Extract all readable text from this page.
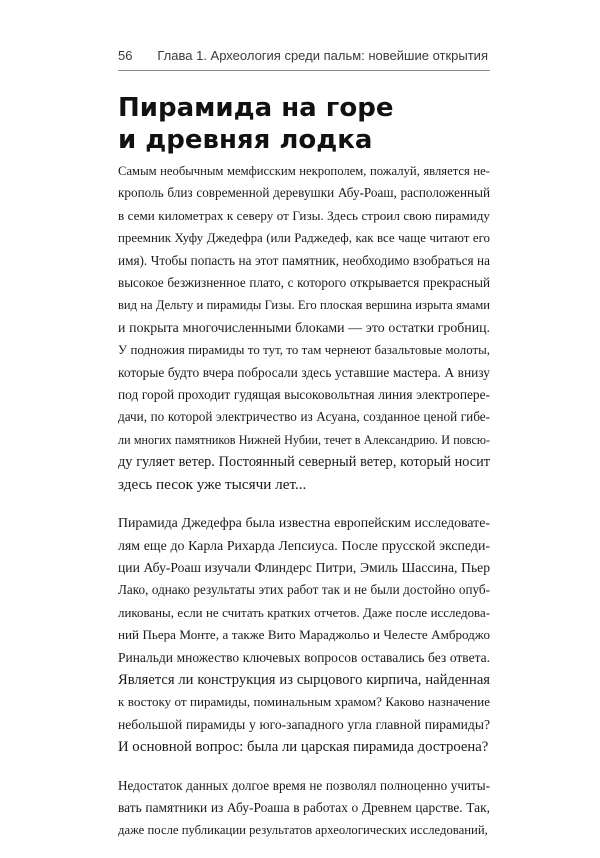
56 Глава 1. Археология среди пальм: новейшие открытия
Пирамида на горе
и древняя лодка

Самым необычным мемфисским некрополем, пожалуй, является не-
крополь близ современной деревушки Абу-Роаш, расположенный
в семи километрах к северу от Гизы. Здесь строил свою пирамиду
преемник Хуфу Джедефра (или Раджедеф, как все чаще читают его
имя). Чтобы попасть на этот памятник, необходимо взобраться на
высокое безжизненное плато, с которого открывается прекрасный
вид на Дельту и пирамиды Гизы. Его плоская вершина изрыта ямами
и покрыта многочисленными блоками — это остатки гробниц.
У подножия пирамиды то тут, то там чернеют базальтовые молоты,
которые будто вчера побросали здесь уставшие мастера. А внизу
под горой проходит гудящая высоковольтная линия электропере-
дачи, по которой электричество из Асуана, созданное ценой гибе-
ли многих памятников Нижней Нубии, течет в Александрию. И повсю-
ду гуляет ветер. Постоянный северный ветер, который носит
здесь песок уже тысячи лет...

Пирамида Джедефра была известна европейским исследовате-
лям еще до Карла Рихарда Лепсиуса. После прусской экспеди-
ции Абу-Роаш изучали Флиндерс Питри, Эмиль Шассина, Пьер
Лако, однако результаты этих работ так и не были достойно опуб-
ликованы, если не считать кратких отчетов. Даже после исследова-
ний Пьера Монте, а также Вито Мараджольо и Челесте Амброджо
Ринальди множество ключевых вопросов оставались без ответа.
Является ли конструкция из сырцового кирпича, найденная
к востоку от пирамиды, поминальным храмом? Каково назначение
небольшой пирамиды у юго-западного угла главной пирамиды?
И основной вопрос: была ли царская пирамида достроена?

Недостаток данных долгое время не позволял полноценно учиты-
вать памятники из Абу-Роаша в работах о Древнем царстве. Так,
даже после публикации результатов археологических исследований,
